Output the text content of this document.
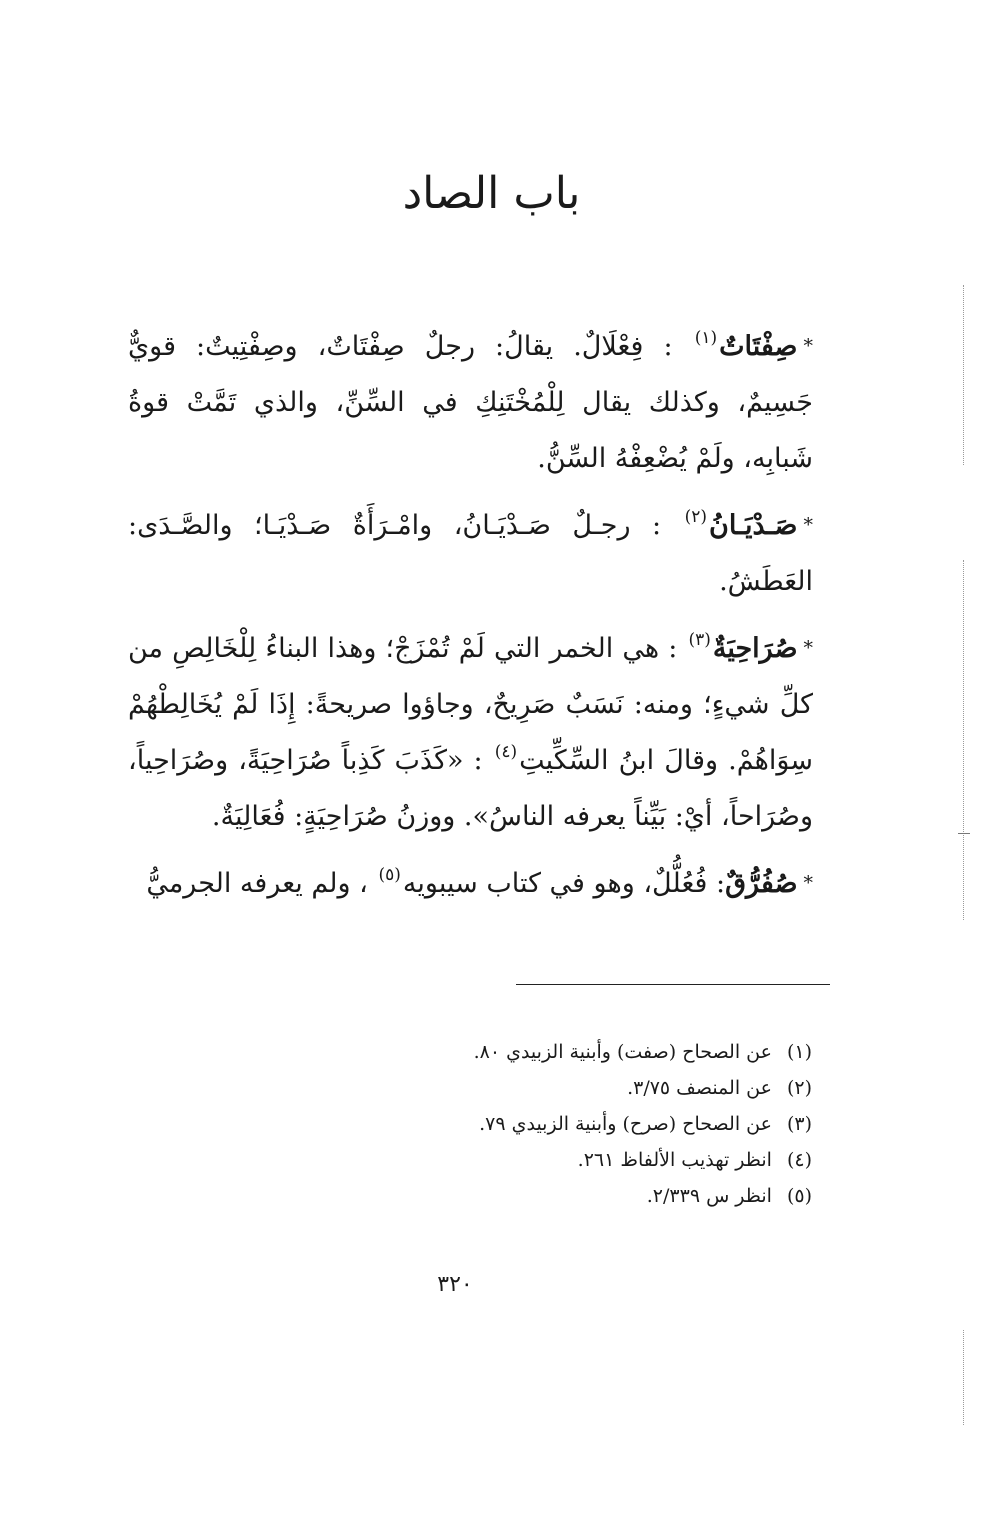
باب الصاد

*صِفْتَاتٌ$^{(١)}$ : فِعْلَالٌ. يقالُ: رجلٌ صِفْتَاتٌ، وصِفْتِيتٌ: قويٌّ جَسِيمٌ، وكذلك يقال لِلْمُخْتَنِكِ في السِّنِّ، والذي تَمَّتْ قوةُ شَبابِه، ولَمْ يُضْعِفْهُ السِّنُّ.

*صَـدْيَـانُ$^{(٢)}$ : رجـلٌ صَـدْيَـانُ، وامْـرَأَةٌ صَـدْيَـا؛ والصَّـدَى: العَطَشُ.

*صُرَاحِيَةٌ$^{(٣)}$ : هي الخمر التي لَمْ تُمْزَجْ؛ وهذا البناءُ لِلْخَالِصِ من كلِّ شيءٍ؛ ومنه: نَسَبٌ صَرِيحٌ، وجاؤوا صريحةً: إِذَا لَمْ يُخَالِطْهُمْ سِوَاهُمْ. وقالَ ابنُ السِّكِّيتِ$^{(٤)}$ : «كَذَبَ كَذِباً صُرَاحِيَةً، وصُرَاحِياً، وصُرَاحاً، أيْ: بَيِّناً يعرفه الناسُ». ووزنُ صُرَاحِيَةٍ: فُعَالِيَةٌ.

*صُفُرُّقٌ: فُعُلُّلٌ، وهو في كتاب سيبويه$^{(٥)}$ ، ولم يعرفه الجرميُّ

(١) عن الصحاح (صفت) وأبنية الزبيدي ٨٠.

(٢) عن المنصف ٣/٧٥.

(٣) عن الصحاح (صرح) وأبنية الزبيدي ٧٩.

(٤) انظر تهذيب الألفاظ ٢٦١.

(٥) انظر س ٢/٣٣٩.

٣٢٠
